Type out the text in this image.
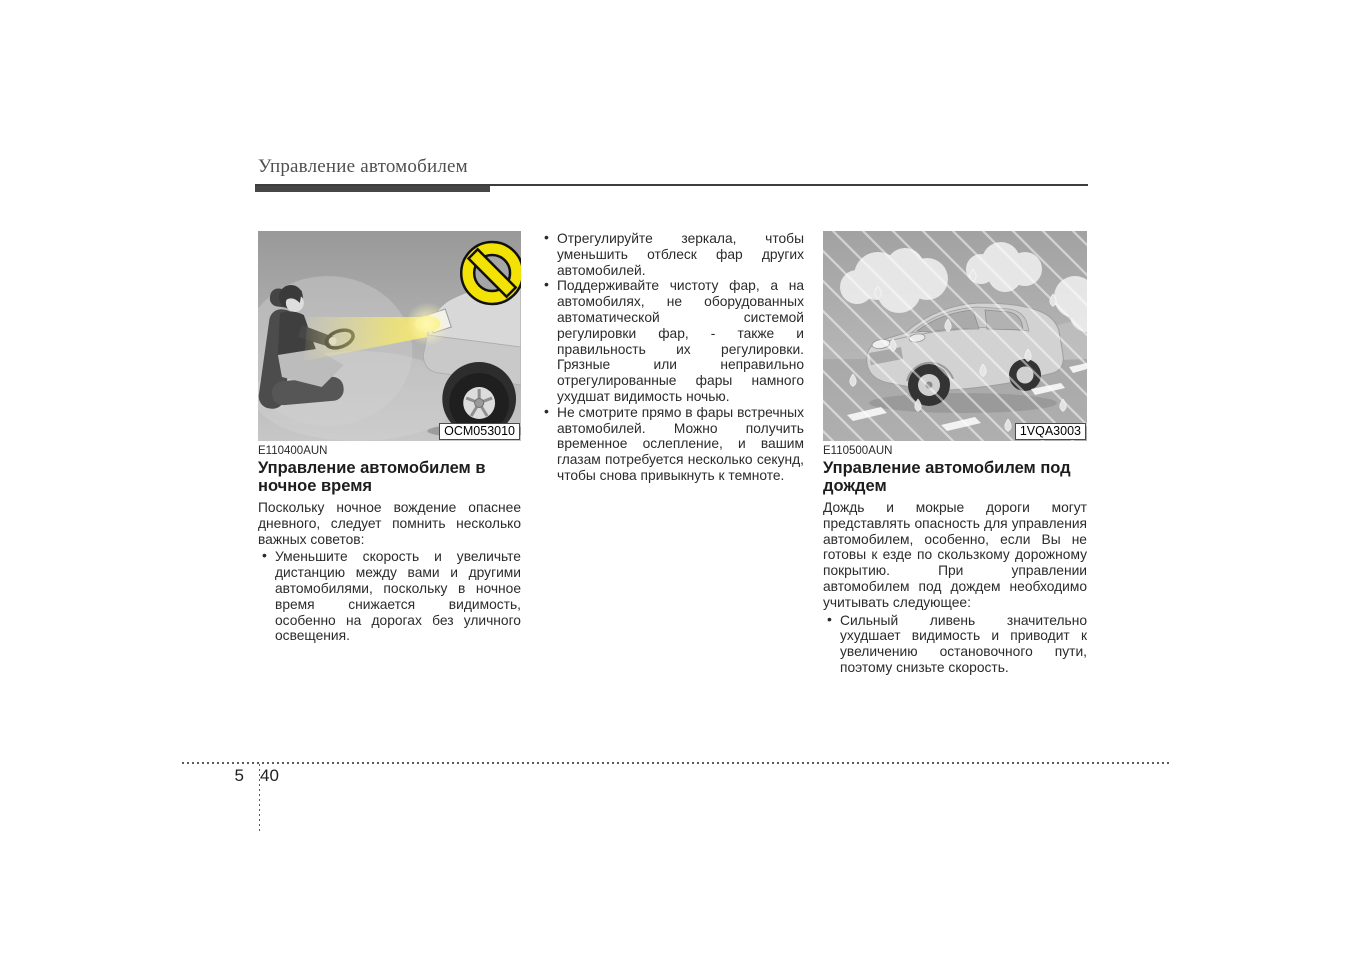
Управление автомобилем
OCM053010
E110400AUN
Управление автомобилем в ночное время

Поскольку ночное вождение опаснее дневного, следует помнить несколько важных советов:

• Уменьшите скорость и увеличьте дистанцию между вами и другими автомобилями, поскольку в ночное время снижается видимость, особенно на дорогах без уличного освещения.
• Отрегулируйте зеркала, чтобы уменьшить отблеск фар других автомобилей.
• Поддерживайте чистоту фар, а на автомобилях, не оборудованных автоматической системой регулировки фар, - также и правильность их регулировки. Грязные или неправильно отрегулированные фары намного ухудшат видимость ночью.
• Не смотрите прямо в фары встречных автомобилей. Можно получить временное ослепление, и вашим глазам потребуется несколько секунд, чтобы снова привыкнуть к темноте.
1VQA3003
E110500AUN
Управление автомобилем под дождем

Дождь и мокрые дороги могут представлять опасность для управления автомобилем, особенно, если Вы не готовы к езде по скользкому дорожному покрытию. При управлении автомобилем под дождем необходимо учитывать следующее:

• Сильный ливень значительно ухудшает видимость и приводит к увеличению остановочного пути, поэтому снизьте скорость.
5 40
